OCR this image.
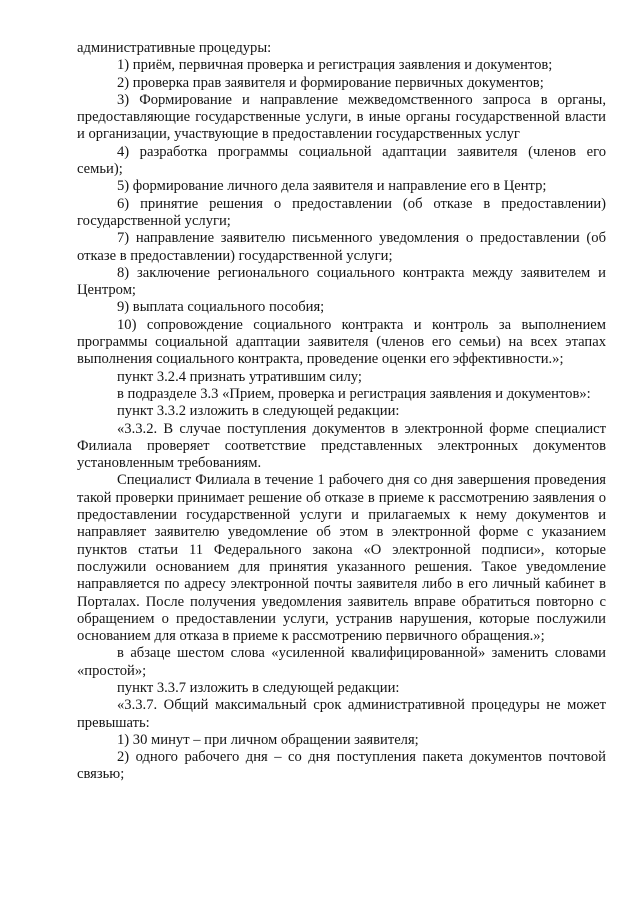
административные процедуры:

1) приём, первичная проверка и регистрация заявления и документов;

2) проверка прав заявителя и формирование первичных документов;

3) Формирование и направление межведомственного запроса в органы, предоставляющие государственные услуги, в иные органы государственной власти и организации, участвующие в предоставлении государственных услуг

4) разработка программы социальной адаптации заявителя (членов его семьи);

5) формирование личного дела заявителя и направление его в Центр;

6) принятие решения о предоставлении (об отказе в предоставлении) государственной услуги;

7) направление заявителю письменного уведомления о предоставлении (об отказе в предоставлении) государственной услуги;

8) заключение регионального социального контракта между заявителем и Центром;

9) выплата социального пособия;

10) сопровождение социального контракта и контроль за выполнением программы социальной адаптации заявителя (членов его семьи) на всех этапах выполнения социального контракта, проведение оценки его эффективности.»;

пункт 3.2.4 признать утратившим силу;

в подразделе 3.3 «Прием, проверка и регистрация заявления и документов»:

пункт 3.3.2 изложить в следующей редакции:

«3.3.2. В случае поступления документов в электронной форме специалист Филиала проверяет соответствие представленных электронных документов установленным требованиям.

Специалист Филиала в течение 1 рабочего дня со дня завершения проведения такой проверки принимает решение об отказе в приеме к рассмотрению заявления о предоставлении государственной услуги и прилагаемых к нему документов и направляет заявителю уведомление об этом в электронной форме с указанием пунктов статьи 11 Федерального закона «О электронной подписи», которые послужили основанием для принятия указанного решения. Такое уведомление направляется по адресу электронной почты заявителя либо в его личный кабинет в Порталах. После получения уведомления заявитель вправе обратиться повторно с обращением о предоставлении услуги, устранив нарушения, которые послужили основанием для отказа в приеме к рассмотрению первичного обращения.»;

в абзаце шестом слова «усиленной квалифицированной» заменить словами «простой»;

пункт 3.3.7 изложить в следующей редакции:

«3.3.7. Общий максимальный срок административной процедуры не может превышать:

1) 30 минут – при личном обращении заявителя;

2) одного рабочего дня – со дня поступления пакета документов почтовой связью;
